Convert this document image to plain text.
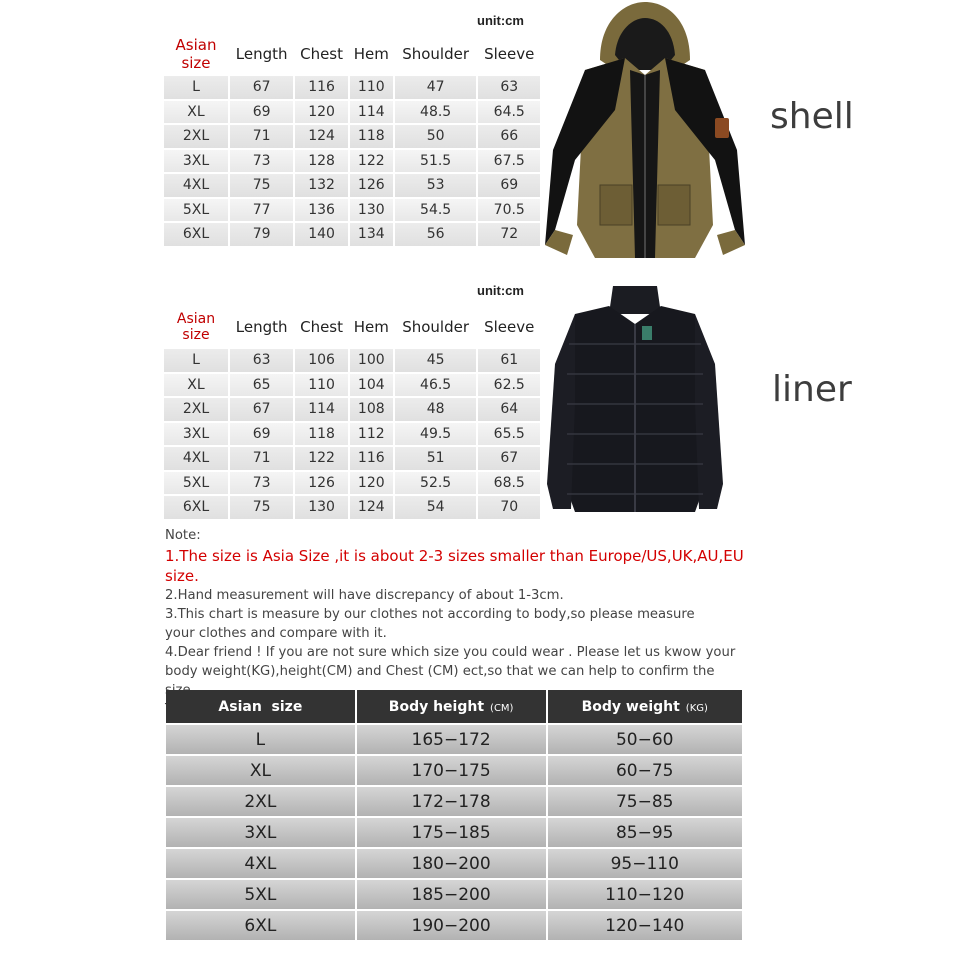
unit:cm
Asian size	Length	Chest	Hem	Shoulder	Sleeve
L	67	116	110	47	63
XL	69	120	114	48.5	64.5
2XL	71	124	118	50	66
3XL	73	128	122	51.5	67.5
4XL	75	132	126	53	69
5XL	77	136	130	54.5	70.5
6XL	79	140	134	56	72
shell
unit:cm
Asian size	Length	Chest	Hem	Shoulder	Sleeve
L	63	106	100	45	61
XL	65	110	104	46.5	62.5
2XL	67	114	108	48	64
3XL	69	118	112	49.5	65.5
4XL	71	122	116	51	67
5XL	73	126	120	52.5	68.5
6XL	75	130	124	54	70
liner

Note:

1.The size is Asia Size ,it is about 2-3 sizes smaller than Europe/US,UK,AU,EU size.

2.Hand measurement will have discrepancy of about 1-3cm.

3.This chart is measure by our clothes not according to body,so please measure your clothes and compare with it.

4.Dear friend ! If you are not sure which size you could wear . Please let us kwow your body weight(KG),height(CM) and Chest (CM) ect,so that we can help to confirm the

Asian  size	Body height (CM)	Body weight (KG)
L	165−172	50−60
XL	170−175	60−75
2XL	172−178	75−85
3XL	175−185	85−95
4XL	180−200	95−110
5XL	185−200	110−120
6XL	190−200	120−140
